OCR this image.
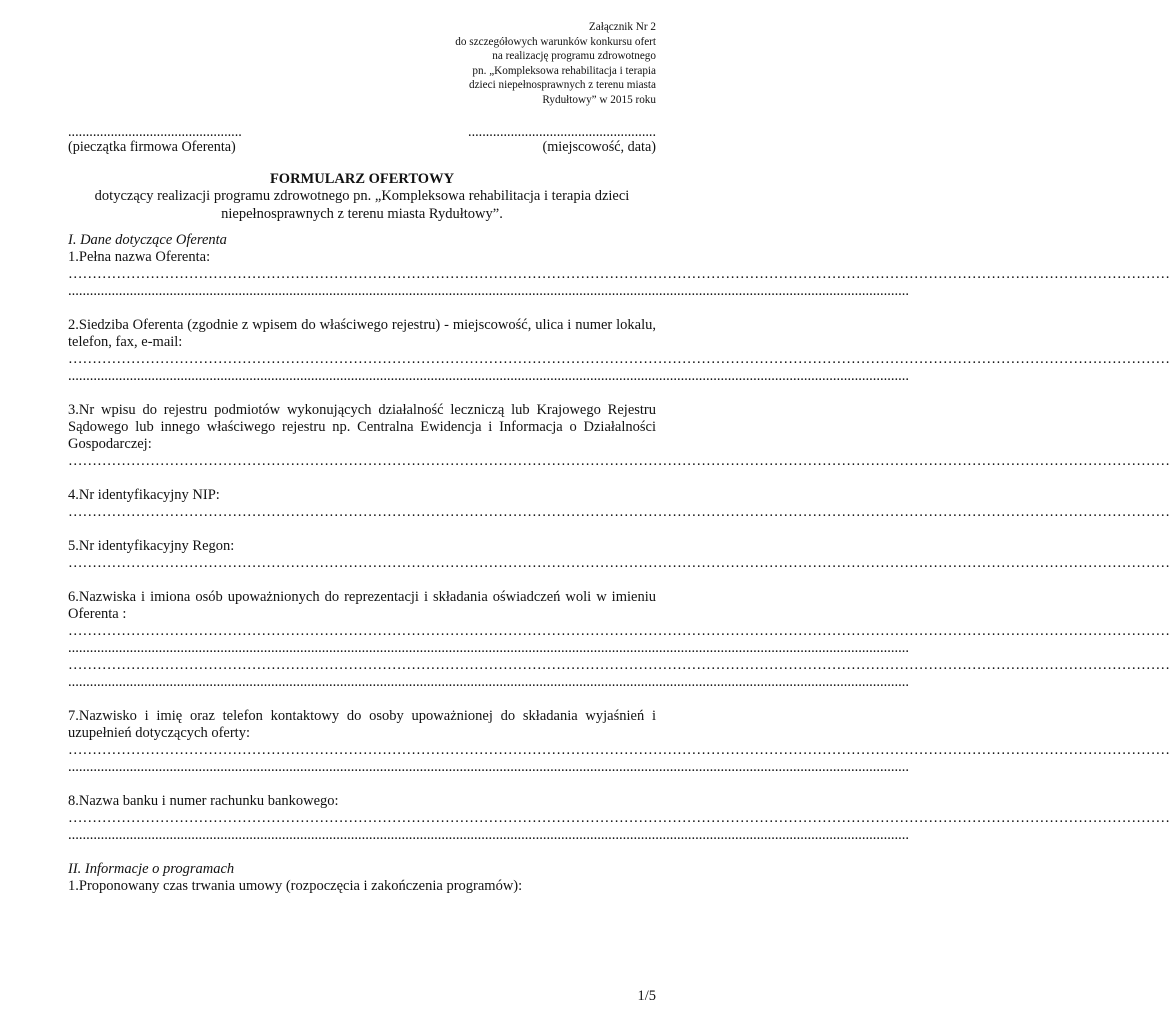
Załącznik Nr 2
do szczegółowych warunków konkursu ofert
na realizację programu zdrowotnego
pn. „Kompleksowa rehabilitacja i terapia
dzieci niepełnosprawnych z terenu miasta
Rydułtowy” w 2015 roku
.................................................	.....................................................
(pieczątka firmowa Oferenta)	(miejscowość, data)
FORMULARZ OFERTOWY
dotyczący realizacji programu zdrowotnego pn. „Kompleksowa rehabilitacja i terapia dzieci
niepełnosprawnych z terenu miasta Rydułtowy”.
I. Dane dotyczące Oferenta
1.Pełna nazwa Oferenta:
…………………………………………………………………………………………………………………………………………………………………………………………………………
........................................................................................................................................................................................................................................
2.Siedziba Oferenta (zgodnie z wpisem do właściwego rejestru) - miejscowość, ulica i numer lokalu, telefon, fax, e-mail:
…………………………………………………………………………………………………………………………………………………………………………………………………………
........................................................................................................................................................................................................................................
3.Nr wpisu do rejestru podmiotów wykonujących działalność leczniczą lub Krajowego Rejestru Sądowego lub innego właściwego rejestru np. Centralna Ewidencja i Informacja o Działalności Gospodarczej:
…………………………………………………………………………………………………………………………………………………………………………………………………………
4.Nr identyfikacyjny NIP:
…………………………………………………………………………………………………………………………………………………………………………………………………………
5.Nr identyfikacyjny Regon:
…………………………………………………………………………………………………………………………………………………………………………………………………………
6.Nazwiska i imiona osób upoważnionych do reprezentacji i składania oświadczeń woli w imieniu Oferenta :
…………………………………………………………………………………………………………………………………………………………………………………………………………
........................................................................................................................................................................................................................................
…………………………………………………………………………………………………………………………………………………………………………………………………………
........................................................................................................................................................................................................................................
7.Nazwisko i imię oraz telefon kontaktowy do osoby upoważnionej do składania wyjaśnień i uzupełnień dotyczących oferty:
…………………………………………………………………………………………………………………………………………………………………………………………………………
........................................................................................................................................................................................................................................
8.Nazwa banku i numer rachunku bankowego:
…………………………………………………………………………………………………………………………………………………………………………………………………………
........................................................................................................................................................................................................................................
II. Informacje o programach
1.Proponowany czas trwania umowy (rozpoczęcia i zakończenia programów):
1/5
